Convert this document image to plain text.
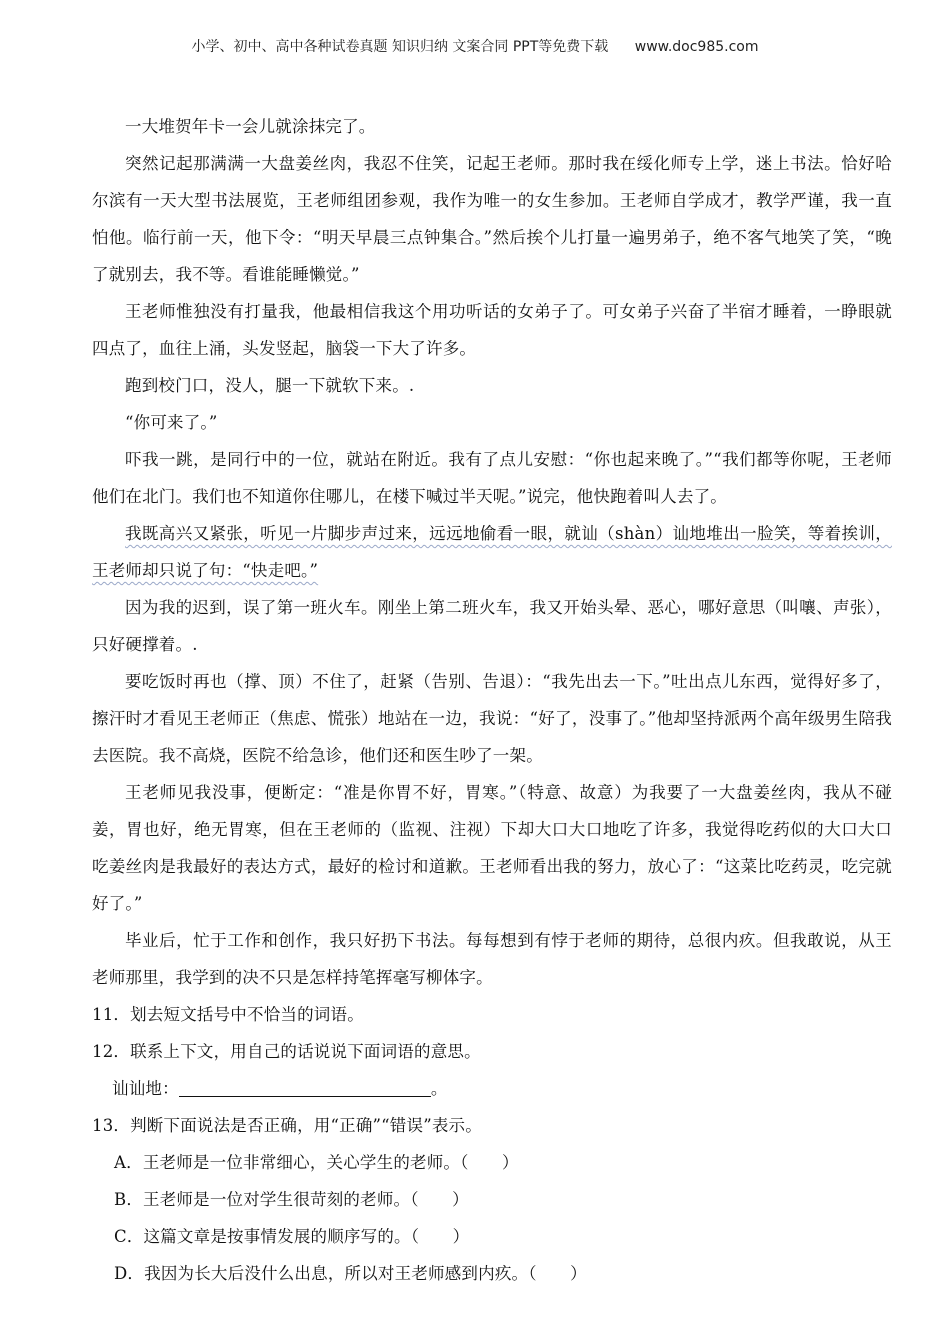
小学、初中、高中各种试卷真题 知识归纳 文案合同 PPT等免费下载 www.doc985.com

一大堆贺年卡一会儿就涂抹完了。

突然记起那满满一大盘姜丝肉，我忍不住笑，记起王老师。那时我在绥化师专上学，迷上书法。恰好哈尔滨有一天大型书法展览，王老师组团参观，我作为唯一的女生参加。王老师自学成才，教学严谨，我一直怕他。临行前一天，他下令：“明天早晨三点钟集合。”然后挨个儿打量一遍男弟子，绝不客气地笑了笑，“晚了就别去，我不等。看谁能睡懒觉。”

王老师惟独没有打量我，他最相信我这个用功听话的女弟子了。可女弟子兴奋了半宿才睡着，一睁眼就四点了，血往上涌，头发竖起，脑袋一下大了许多。

跑到校门口，没人，腿一下就软下来。.

“你可来了。”

吓我一跳，是同行中的一位，就站在附近。我有了点儿安慰：“你也起来晚了。”“我们都等你呢，王老师他们在北门。我们也不知道你住哪儿，在楼下喊过半天呢。”说完，他快跑着叫人去了。

我既高兴又紧张，听见一片脚步声过来，远远地偷看一眼，就讪（shàn）讪地堆出一脸笑，等着挨训，王老师却只说了句：“快走吧。”

因为我的迟到，误了第一班火车。刚坐上第二班火车，我又开始头晕、恶心，哪好意思（叫嚷、声张），只好硬撑着。.

要吃饭时再也（撑、顶）不住了，赶紧（告别、告退）：“我先出去一下。”吐出点儿东西，觉得好多了，擦汗时才看见王老师正（焦虑、慌张）地站在一边，我说：“好了，没事了。”他却坚持派两个高年级男生陪我去医院。我不高烧，医院不给急诊，他们还和医生吵了一架。

王老师见我没事，便断定：“准是你胃不好，胃寒。”（特意、故意）为我要了一大盘姜丝肉，我从不碰姜，胃也好，绝无胃寒，但在王老师的（监视、注视）下却大口大口地吃了许多，我觉得吃药似的大口大口吃姜丝肉是我最好的表达方式，最好的检讨和道歉。王老师看出我的努力，放心了：“这菜比吃药灵，吃完就好了。”

毕业后，忙于工作和创作，我只好扔下书法。每每想到有悖于老师的期待，总很内疚。但我敢说，从王老师那里，我学到的决不只是怎样持笔挥毫写柳体字。

11．划去短文括号中不恰当的词语。

12．联系上下文，用自己的话说说下面词语的意思。

讪讪地：	。

13．判断下面说法是否正确，用“正确”“错误”表示。

A．王老师是一位非常细心，关心学生的老师。（　　）

B．王老师是一位对学生很苛刻的老师。（　　）

C．这篇文章是按事情发展的顺序写的。（　　）

D．我因为长大后没什么出息，所以对王老师感到内疚。（　　）
